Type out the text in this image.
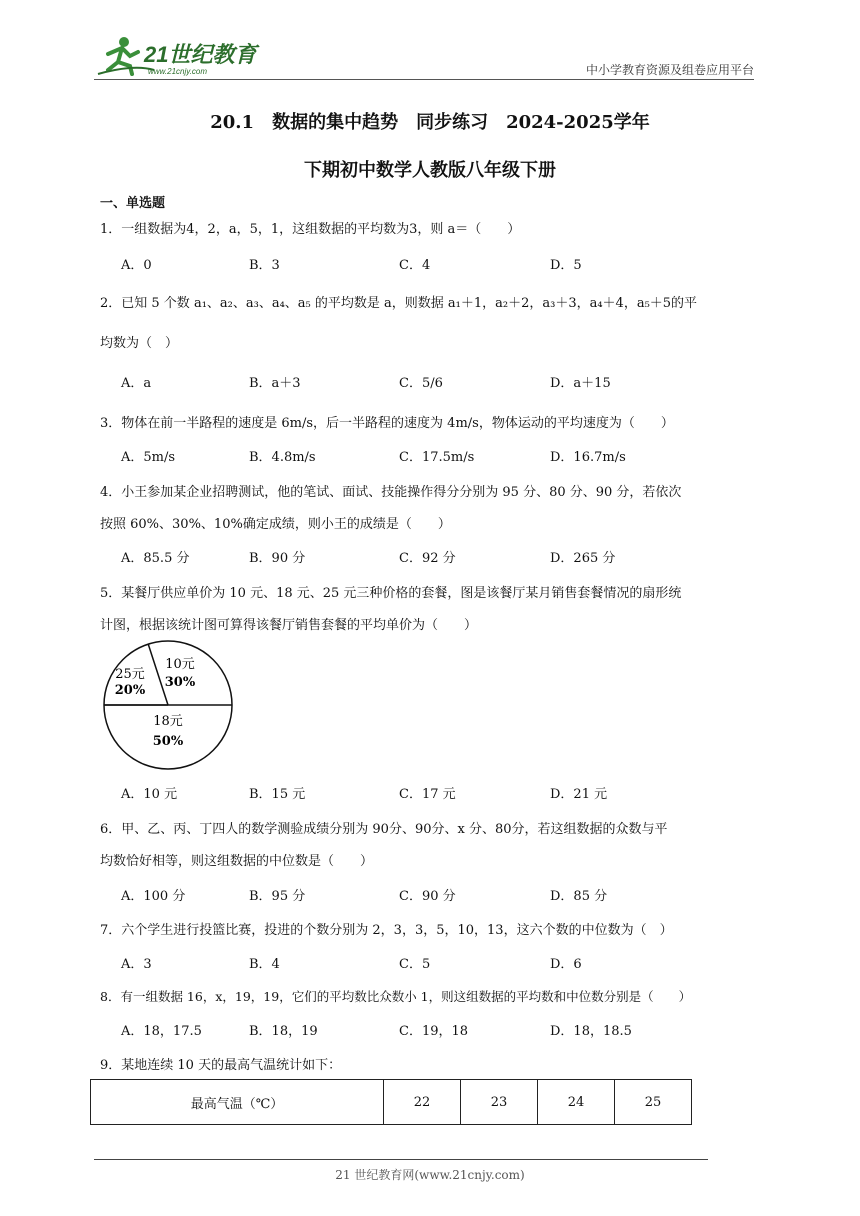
21世纪教育
www.21cnjy.com	中小学教育资源及组卷应用平台
20.1　数据的集中趋势　同步练习　2024-2025学年
下期初中数学人教版八年级下册
一、单选题
1．一组数据为4，2，a，5，1，这组数据的平均数为3，则 a＝（　　）
A．0	B．3	C．4	D．5
2．已知 5 个数 a₁、a₂、a₃、a₄、a₅ 的平均数是 a，则数据 a₁＋1，a₂＋2，a₃＋3，a₄＋4，a₅＋5的平
均数为（　）
A．a	B．a＋3	C．5/6	D．a＋15
3．物体在前一半路程的速度是 6m/s，后一半路程的速度为 4m/s，物体运动的平均速度为（　　）
A．5m/s	B．4.8m/s	C．17.5m/s	D．16.7m/s
4．小王参加某企业招聘测试，他的笔试、面试、技能操作得分分别为 95 分、80 分、90 分，若依次
按照 60%、30%、10%确定成绩，则小王的成绩是（　　）
A．85.5 分	B．90 分	C．92 分	D．265 分
5．某餐厅供应单价为 10 元、18 元、25 元三种价格的套餐，图是该餐厅某月销售套餐情况的扇形统
计图，根据该统计图可算得该餐厅销售套餐的平均单价为（　　）
10元
30%
18元
50%
25元
20%
A．10 元	B．15 元	C．17 元	D．21 元
6．甲、乙、丙、丁四人的数学测验成绩分别为 90分、90分、x 分、80分，若这组数据的众数与平
均数恰好相等，则这组数据的中位数是（　　）
A．100 分	B．95 分	C．90 分	D．85 分
7．六个学生进行投篮比赛，投进的个数分别为 2，3，3，5，10，13，这六个数的中位数为（　）
A．3	B．4	C．5	D．6
8．有一组数据 16，x，19，19，它们的平均数比众数小 1，则这组数据的平均数和中位数分别是（　　）
A．18，17.5	B．18，19	C．19，18	D．18，18.5
9．某地连续 10 天的最高气温统计如下：
最高气温（℃）	22	23	24	25
21 世纪教育网(www.21cnjy.com)
